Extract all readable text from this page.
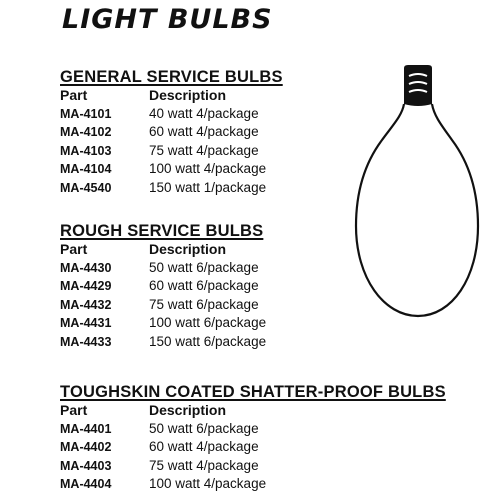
LIGHT BULBS
GENERAL SERVICE BULBS
Part	Description
MA-4101	40 watt 4/package
MA-4102	60 watt 4/package
MA-4103	75 watt 4/package
MA-4104	100 watt 4/package
MA-4540	150 watt 1/package
ROUGH SERVICE BULBS
Part	Description
MA-4430	50 watt 6/package
MA-4429	60 watt 6/package
MA-4432	75 watt 6/package
MA-4431	100 watt 6/package
MA-4433	150 watt 6/package
TOUGHSKIN COATED SHATTER-PROOF BULBS
Part	Description
MA-4401	50 watt 6/package
MA-4402	60 watt 4/package
MA-4403	75 watt 4/package
MA-4404	100 watt 4/package
